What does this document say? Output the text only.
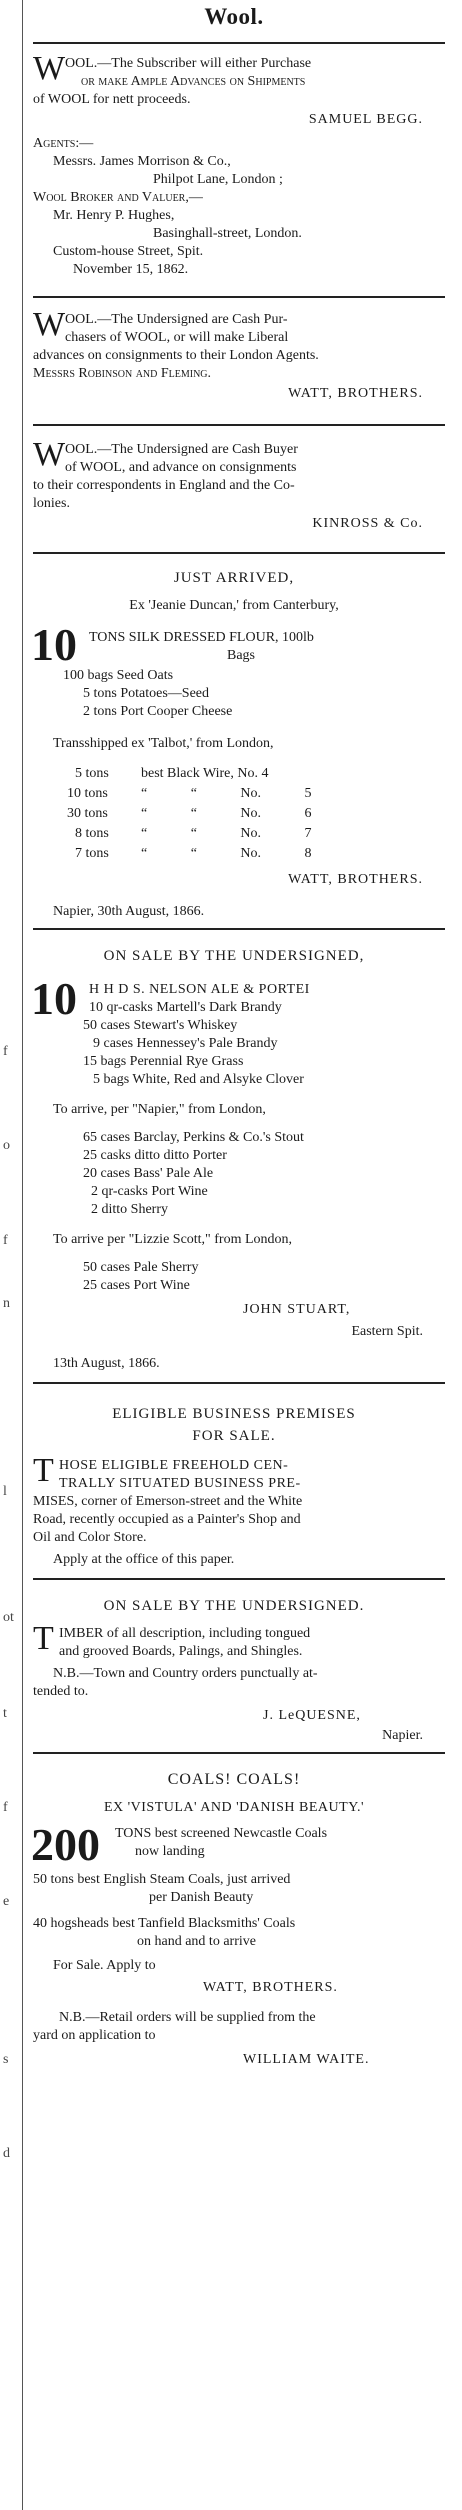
f
o
f
n
l
ot
t
f
e
s
d
Wool.
W OOL.—The Subscriber will either Purchase
or make Ample Advances on Shipments
of WOOL for nett proceeds.
SAMUEL BEGG.
Agents:—
Messrs. James Morrison & Co.,
Philpot Lane, London ;
Wool Broker and Valuer,—
Mr. Henry P. Hughes,
Basinghall-street, London.
Custom-house Street, Spit.
November 15, 1862.
W OOL.—The Undersigned are Cash Pur-
chasers of WOOL, or will make Liberal
advances on consignments to their London Agents.
Messrs Robinson and Fleming.
WATT, BROTHERS.
W OOL.—The Undersigned are Cash Buyer
of WOOL, and advance on consignments
to their correspondents in England and the Co-
lonies.
KINROSS & Co.
JUST ARRIVED,
Ex 'Jeanie Duncan,' from Canterbury,
10 TONS SILK DRESSED FLOUR, 100lb
Bags
100 bags Seed Oats
5 tons Potatoes—Seed
2 tons Port Cooper Cheese
Transshipped ex 'Talbot,' from London,
5 tons	best Black Wire, No. 4
10 tons “ “ No. 5
30 tons “ “ No. 6
8 tons “ “ No. 7
7 tons “ “ No. 8
WATT, BROTHERS.
Napier, 30th August, 1866.
ON SALE BY THE UNDERSIGNED,
10 H H D S. NELSON ALE & PORTEI
10 qr-casks Martell's Dark Brandy
50 cases Stewart's Whiskey
9 cases Hennessey's Pale Brandy
15 bags Perennial Rye Grass
5 bags White, Red and Alsyke Clover
To arrive, per "Napier," from London,
65 cases Barclay, Perkins & Co.'s Stout
25 casks ditto ditto Porter
20 cases Bass' Pale Ale
2 qr-casks Port Wine
2 ditto Sherry
To arrive per "Lizzie Scott," from London,
50 cases Pale Sherry
25 cases Port Wine
JOHN STUART,
Eastern Spit.
13th August, 1866.
ELIGIBLE BUSINESS PREMISES
FOR SALE.
T HOSE ELIGIBLE FREEHOLD CEN-
TRALLY SITUATED BUSINESS PRE-
MISES, corner of Emerson-street and the White
Road, recently occupied as a Painter's Shop and
Oil and Color Store.
Apply at the office of this paper.
ON SALE BY THE UNDERSIGNED.
T IMBER of all description, including tongued
and grooved Boards, Palings, and Shingles.
N.B.—Town and Country orders punctually at-
tended to.
J. LeQUESNE,
Napier.
COALS! COALS!
EX 'VISTULA' AND 'DANISH BEAUTY.'
200 TONS best screened Newcastle Coals
now landing
50 tons best English Steam Coals, just arrived
per Danish Beauty
40 hogsheads best Tanfield Blacksmiths' Coals
on hand and to arrive
For Sale. Apply to
WATT, BROTHERS.
N.B.—Retail orders will be supplied from the
yard on application to
WILLIAM WAITE.
